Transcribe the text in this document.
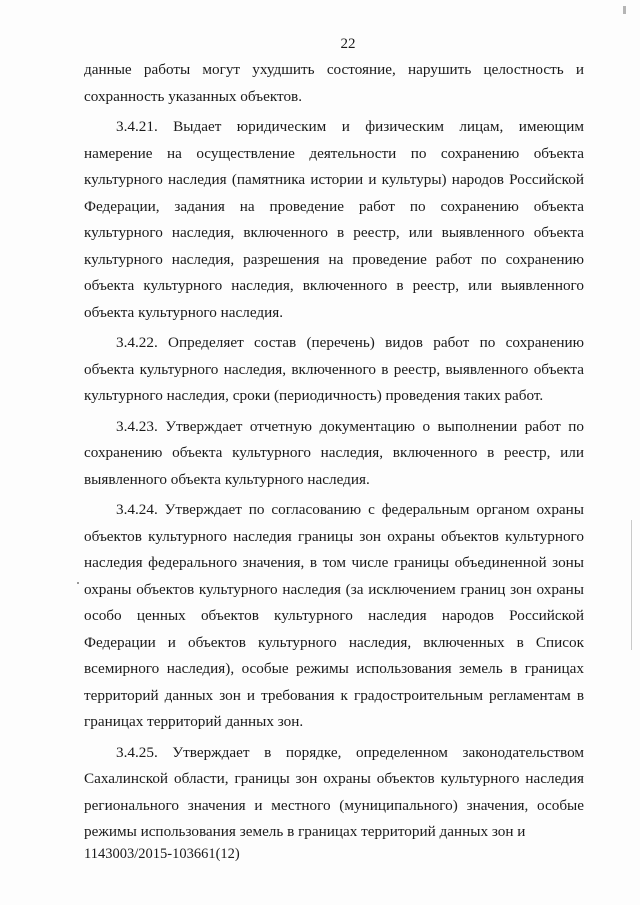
22

данные работы могут ухудшить состояние, нарушить целостность и сохранность указанных объектов.

3.4.21. Выдает юридическим и физическим лицам, имеющим намерение на осуществление деятельности по сохранению объекта культурного наследия (памятника истории и культуры) народов Российской Федерации, задания на проведение работ по сохранению объекта культурного наследия, включенного в реестр, или выявленного объекта культурного наследия, разрешения на проведение работ по сохранению объекта культурного наследия, включенного в реестр, или выявленного объекта культурного наследия.

3.4.22. Определяет состав (перечень) видов работ по сохранению объекта культурного наследия, включенного в реестр, выявленного объекта культурного наследия, сроки (периодичность) проведения таких работ.

3.4.23. Утверждает отчетную документацию о выполнении работ по сохранению объекта культурного наследия, включенного в реестр, или выявленного объекта культурного наследия.

3.4.24. Утверждает по согласованию с федеральным органом охраны объектов культурного наследия границы зон охраны объектов культурного наследия федерального значения, в том числе границы объединенной зоны охраны объектов культурного наследия (за исключением границ зон охраны особо ценных объектов культурного наследия народов Российской Федерации и объектов культурного наследия, включенных в Список всемирного наследия), особые режимы использования земель в границах территорий данных зон и требования к градостроительным регламентам в границах территорий данных зон.

3.4.25. Утверждает в порядке, определенном законодательством Сахалинской области, границы зон охраны объектов культурного наследия регионального значения и местного (муниципального) значения, особые режимы использования земель в границах территорий данных зон и

1143003/2015-103661(12)
